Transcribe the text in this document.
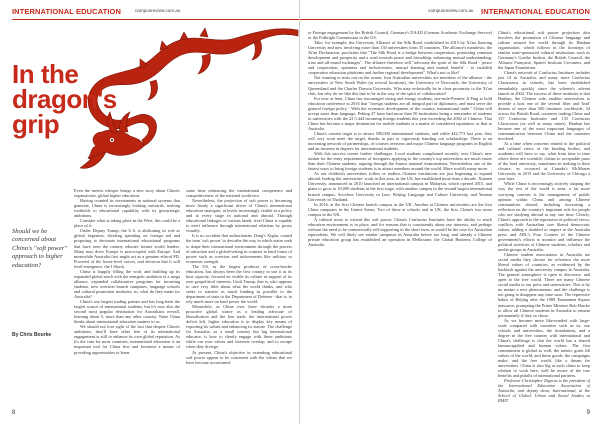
INTERNATIONAL EDUCATION	campusreview.com.au
In the dragon's grip
Should we be concerned about China's "soft power" approach to higher education?
By Chris Bourke

Even the merest whisper brings a new story about China's expansionist, global higher education.

Having counted its investments in national systems that generate, China is increasingly looking outwards, seeking footholds to educational capability with its geostrategic ambitions.

Consider what is taking place in the West, this could be a place of it.

Under Deputy Trump, the U.S. is abdicating its role as global hegemon, dividing spending on foreign aid and proposing to decimate international educational programs that have seen the country educate former world leaders. Many may drive Europe is preoccupied with Europe. And meanwhile Australia first might act as a genuine ethical FD. Powered of the lower-level voices, and decision that it will level emergence. the I Shock.

China is happily filling the void, and building up its expanded global reach with the energetic ambition of a mega alliance, expanded collaborative programs for incoming students, new overseas branch campuses, language schools and cultural promotion institutes, so, what do they mean for Australia?

China's our largest trading partner and has long been the largest source of international students, but it's now also the second most popular destination for Australians overall, learning about 5, more than any other country. None China thinks about international education matters to us.

We should not lose sight of the fact that despite China's ambitions, they'll have other free of its international engagement is still to enhance its own global reputation. As it's the case for most countries, international education is an important tool for China first and foremost a means of providing opportunities to learn.

same time enhancing the international competence and competitiveness of the national workforce.

Nevertheless, the projection of soft power is becoming more firmly a significant driver of China's international education strategies, at levels increasingly visible at a policy and at every stage in national and abroad. Through educational linkages of various kinds, rival China is capable to exert influence through international relations by proxy visually.

It is no accident that authoritarian, Deng's Xiglar, coined the term 'soft power' to describe the way in which states seek to shape their international environment through the powers of attraction and a global-setting in contrast to hard forms of power such as coercion and inducements like military or economic strength.

The US, as the largest producer of cross-border education, has always been the first country to use it as its host capacity, focused on visible its culture in support of its own geopolitical interests. Until Trump, that is, who appears to care very little about what the world thinks, and who seeks to transfer as much funding as possible to the department of state to the Department of Defense - that is, to rely much more on hard power the world.

Meanwhile, as China over three decades a more proactive global stance as a leading advocate of liberalisation and the free trade, the international power deficit left, higher education is to display key means of exporting its values and enhancing its stature. The challenge for Australia, as a small country but big international educator, is how to clearly engage with these ambitions while our own values and interests overlap, and to escape when they diverge.

At present, China's objective in extending educational soft power appear to be consistent with the values that we have become accustomed

8
campusreview.com.au INTERNATIONAL EDUCATION

to Foreign engagement by the British Council, Germany's DAAD (German Academic Exchange Service) or the Fulbright Commission in the US.

Take, for example, the University Alliance of the Silk Road, established in 2015 by Xi'an Jiaotong University and now involving more than 130 universities from 35 countries. The alliance's manifesto, the Xi'an Declaration, proclaims that "The Silk Road is a bridge between cooperation, promoting common development and prosperity and a road towards peace and friendship, enhancing mutual understanding, trust and all-round exchanges". The alliance therefore will "advocate the spirit of the Silk Road - 'peace and cooperation, openness and inclusiveness, mutual learning and mutual benefit' - to establish cooperative education platforms and further regional development". What's not to like?

Not wanting to miss out on the action, four Australian universities are members of the alliance - the universities of New South Wales (at several locations), the University of Newcastle, the University of Queensland and the Charles Darwin University. Who may technically be in close proximity to the Xi'an club, but why do we like this line to be in the way of the spirit of collaboration?

For now at least, China has encouraged strong and energy students, one-mile-Premier Ji Ping to hold education conference in 2016 that "foreign students are all integral part of diplomacy, and must serve the general foreign policy - With the economic development of the country, international trade," China will accept more than language, Peking 47 have had more than 50 institutions being a remainder of students to universities with the 22 5.444 incoming foreign students this year exceeding the 2002 of Chinese. That China has become a major destination for mobile students is a matter of considered reputation, or that to Australia.

China's current target is to attract 500,000 international students, and while 442,773 last year, they will very soon meet the target, thanks in part to vigorously handing out scholarships. There is an increasing network of partnerships, of courses overseas and major Chinese language programs in English and an increase in degrees for international students.

With this success comes further challenges. Local students complained recently over China's new tuition for the entry requirements of foreigners applying to the country's top universities are much easier than their Chinese students, arguing through the Sanwu national examinations. Nevertheless one of the fastest ways to bring foreign students is to attract members around the world. More world's many more.

As our children's universities follow or endless Chinese institutions are just beginning to expand abroad, leading the universities' work in this area, in the US, has established more than a decade. Xiamen University, announced in 2010 launched an international campus in Malaysia, which opened 2015, and plans to grow to 10,000 students in the first stage, with another campus in the second largest international branch campus. Soochow University in Laos. Beijing Language and Culture University, and Yunnan University in Thailand.

In 2016, at the first Chinese branch campus in the UK. Another at Chinese universities are the first China campuses in the United States. Two of these at schools and in UK, the first. China's two more campus in the UK.

A cultural more to extend this soft power, China's Confucius Institutes have the ability to reach education environment is in place, and for reasons that is consistently about our interests, and perhaps without the need to be commercially self-supporting in the short term, as would be the case for Australian equivalents. We will likely see similar campuses in Australia before too long, and already a Chinese private education group has established an operation in Melbourne, the Global Business College of Australia.

China's educational soft power projection also involves the promotion of Chinese language and culture around the world through its Hanban organisation, which follows in the footsteps of similar state-sponsored cultural institutions such as Germany's Goethe Institut, the British Council, the Alliance Française, Spain's Instituto Cervantes, and the Japan Foundation.

China's network of Confucius Institutes includes just 14 in Australia, and many more Confucius Classrooms in schools, has been established remarkably quickly since the scheme's advent launch in 2004. The success of these institutes is that Hanban, the Chinese side, enables universities to provide a host one of the several fiber and 'lead' dozens of more than 500 institutes worldwide, 34 across the British Road, countries trading China and 137 Confucius Institutes and 135 Confucius Classrooms (as well as many states). Hanban has become one of the most important languages of communication between China and the countries involved.

At a time when concerns related to the political and cultural views of the funding bodies, and academic will have to say, what from time to time where these are scientific claims to acceptable parts of the hard university, sometimes in seeking to their closure, as occurred at Canada's McMaster University in 2013 and the University of Chicago a year later.

While China is increasingly actively shaping the way the rest of the world is seen, a far more worrying concern is the management of public opinion within China and among Chinese communities abroad, including increasing a reflection on the country's important role for people who are studying abroad at any one time. Clearly, China's approach to the repression of political views, conflicts with Australian core liberal democratic values, adding a doubled or import in the Australia press and ABC's Four Corners of the Chinese government's efforts to monitor and influence the political activities of Chinese students, scholars and media groups in Australia.

Chinese student associations in Australia are social media they choose for reference the more liberal values of countries, as evidenced by the backlash against the university campus in Australia. The general atmosphere is open to discourse, and open to the free world. There are many Chinese social media to our press and universities. This is by no means a new phenomenon, and the challenge is not going to disappear any time soon. The repressive habits of Beijing after the 1989 Tiananmen Square massacre, prompting the Prime Minister Bob Hawke to allow all Chinese students in Australia to remain permanently if they so chose.

As we become more like-minded with large-scale compared with countries such as us, our schools and universities, the foundations, and a degree in the free country with international and China's challenge is that the world has a shared human-applied and human values. The first commitment is global as well, the artistic goals fill values of the world, and these goods, the campaigns make, and the free world, like a dream for universities. China is also big at such claim to keep relation to work here, well be aware of the true benefits and pitfalls of international partners.

Professor Christopher Ziguras is the president of the International Education Association of Australia, and deputy dean, International, at the School of Global, Urban and Social Studies at RMIT.

9
